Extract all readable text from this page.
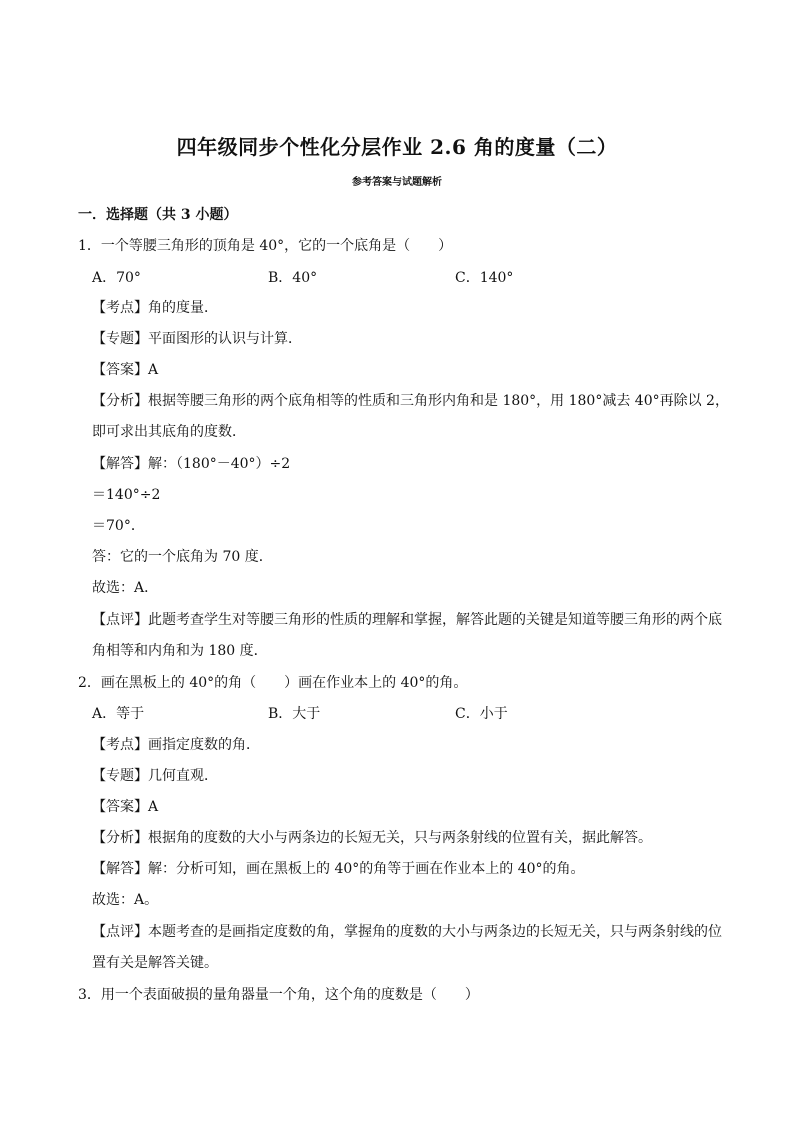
四年级同步个性化分层作业 2.6 角的度量（二）
参考答案与试题解析
一．选择题（共 3 小题）
1．一个等腰三角形的顶角是 40°，它的一个底角是（　　）
A．70°	B．40°	C．140°
【考点】角的度量．
【专题】平面图形的认识与计算．
【答案】A
【分析】根据等腰三角形的两个底角相等的性质和三角形内角和是 180°，用 180°减去 40°再除以 2，
即可求出其底角的度数．
【解答】解：（180°－40°）÷2
＝140°÷2
＝70°．
答：它的一个底角为 70 度．
故选：A．
【点评】此题考查学生对等腰三角形的性质的理解和掌握，解答此题的关键是知道等腰三角形的两个底
角相等和内角和为 180 度．
2．画在黑板上的 40°的角（　　）画在作业本上的 40°的角。
A．等于	B．大于	C．小于
【考点】画指定度数的角．
【专题】几何直观．
【答案】A
【分析】根据角的度数的大小与两条边的长短无关，只与两条射线的位置有关，据此解答。
【解答】解：分析可知，画在黑板上的 40°的角等于画在作业本上的 40°的角。
故选：A。
【点评】本题考查的是画指定度数的角，掌握角的度数的大小与两条边的长短无关，只与两条射线的位
置有关是解答关键。
3．用一个表面破损的量角器量一个角，这个角的度数是（　　）
